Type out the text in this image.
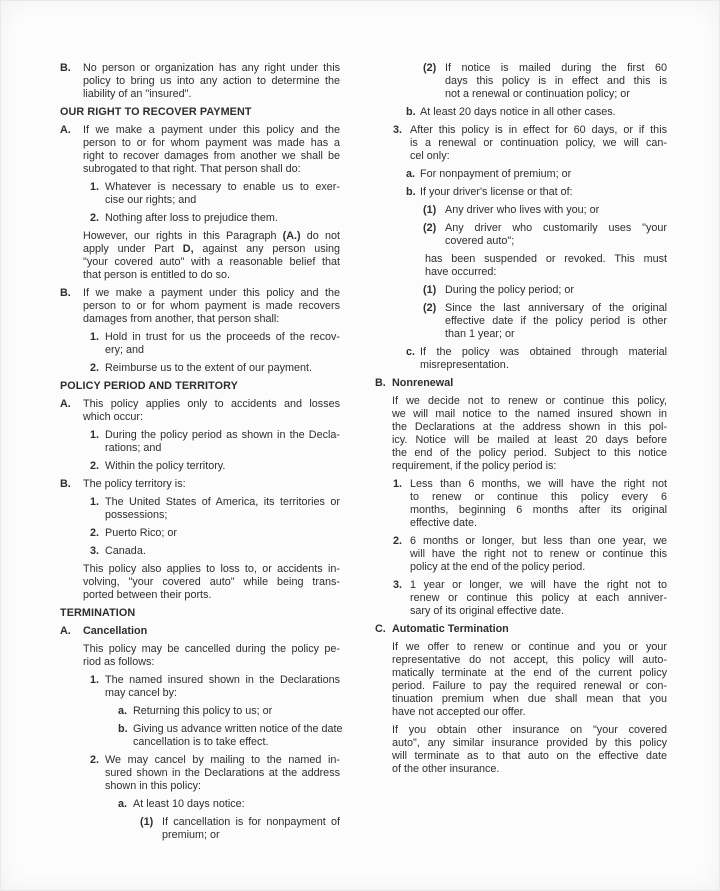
B.	No person or organization has any right under this
policy to bring us into any action to determine the
liability of an "insured".
OUR RIGHT TO RECOVER PAYMENT
A.	If we make a payment under this policy and the
person to or for whom payment was made has a
right to recover damages from another we shall be
subrogated to that right. That person shall do:
1. Whatever is necessary to enable us to exer-
cise our rights; and
2. Nothing after loss to prejudice them.
However, our rights in this Paragraph (A.) do not
apply under Part D, against any person using
"your covered auto" with a reasonable belief that
that person is entitled to do so.
B.	If we make a payment under this policy and the
person to or for whom payment is made recovers
damages from another, that person shall:
1. Hold in trust for us the proceeds of the recov-
ery; and
2. Reimburse us to the extent of our payment.
POLICY PERIOD AND TERRITORY
A.	This policy applies only to accidents and losses
which occur:
1. During the policy period as shown in the Decla-
rations; and
2. Within the policy territory.
B.	The policy territory is:
1. The United States of America, its territories or
possessions;
2. Puerto Rico; or
3. Canada.
This policy also applies to loss to, or accidents in-
volving, "your covered auto" while being trans-
ported between their ports.
TERMINATION
A.	Cancellation
This policy may be cancelled during the policy pe-
riod as follows:
1. The named insured shown in the Declarations
may cancel by:
a. Returning this policy to us; or
b. Giving us advance written notice of the date
cancellation is to take effect.
2. We may cancel by mailing to the named in-
sured shown in the Declarations at the address
shown in this policy:
a. At least 10 days notice:
(1) If cancellation is for nonpayment of
premium; or
(2) If notice is mailed during the first 60
days this policy is in effect and this is
not a renewal or continuation policy; or
b. At least 20 days notice in all other cases.
3. After this policy is in effect for 60 days, or if this
is a renewal or continuation policy, we will can-
cel only:
a. For nonpayment of premium; or
b. If your driver's license or that of:
(1) Any driver who lives with you; or
(2) Any driver who customarily uses "your
covered auto";
has been suspended or revoked. This must
have occurred:
(1) During the policy period; or
(2) Since the last anniversary of the original
effective date if the policy period is other
than 1 year; or
c. If the policy was obtained through material
misrepresentation.
B. Nonrenewal
If we decide not to renew or continue this policy,
we will mail notice to the named insured shown in
the Declarations at the address shown in this pol-
icy. Notice will be mailed at least 20 days before
the end of the policy period. Subject to this notice
requirement, if the policy period is:
1. Less than 6 months, we will have the right not
to renew or continue this policy every 6
months, beginning 6 months after its original
effective date.
2. 6 months or longer, but less than one year, we
will have the right not to renew or continue this
policy at the end of the policy period.
3. 1 year or longer, we will have the right not to
renew or continue this policy at each anniver-
sary of its original effective date.
C. Automatic Termination
If we offer to renew or continue and you or your
representative do not accept, this policy will auto-
matically terminate at the end of the current policy
period. Failure to pay the required renewal or con-
tinuation premium when due shall mean that you
have not accepted our offer.
If you obtain other insurance on "your covered
auto", any similar insurance provided by this policy
will terminate as to that auto on the effective date
of the other insurance.
